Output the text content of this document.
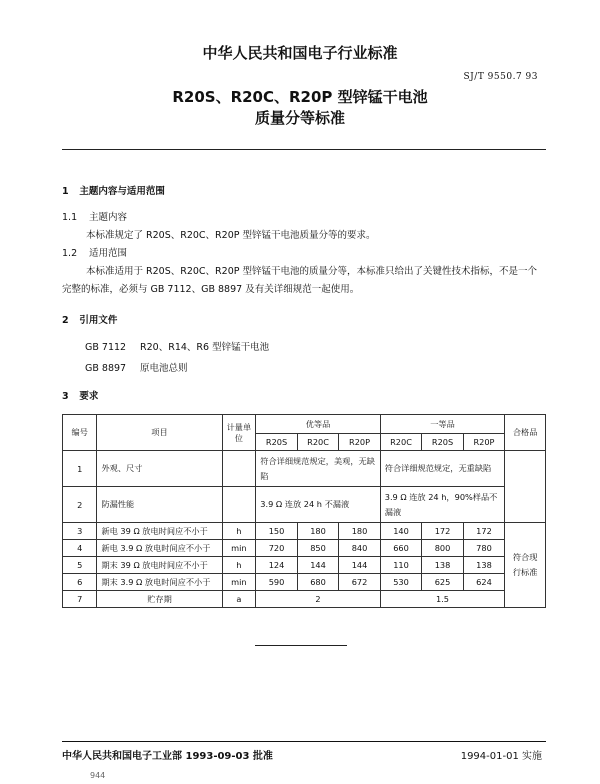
中华人民共和国电子行业标准
SJ/T 9550.7 93
R20S、R20C、R20P 型锌锰干电池
质量分等标准
1 主题内容与适用范围
1.1 主题内容
本标准规定了 R20S、R20C、R20P 型锌锰干电池质量分等的要求。
1.2 适用范围
本标准适用于 R20S、R20C、R20P 型锌锰干电池的质量分等，本标准只给出了关键性技术指标，不是一个完整的标准，必须与 GB 7112、GB 8897 及有关详细规范一起使用。
2 引用文件
GB 7112 R20、R14、R6 型锌锰干电池
GB 8897 原电池总则
3 要求
编号	项目	计量单位	优等品			一等品			合格品
			R20S	R20C	R20P	R20C	R20S	R20P	
1	外观、尺寸		符合详细规范规定，美观，无缺陷			符合详细规范规定，无重缺陷			
2	防漏性能		3.9 Ω 连放 24 h 不漏液			3.9 Ω 连放 24 h，90%样品不漏液			
3	新电 39 Ω 放电时间应不小于	h	150	180	180	140	172	172	符合现行标准
4	新电 3.9 Ω 放电时间应不小于	min	720	850	840	660	800	780	
5	期末 39 Ω 放电时间应不小于	h	124	144	144	110	138	138	
6	期末 3.9 Ω 放电时间应不小于	min	590	680	672	530	625	624	
7	贮存期	a	2			1.5			
中华人民共和国电子工业部 1993-09-03 批准	1994-01-01 实施
944
